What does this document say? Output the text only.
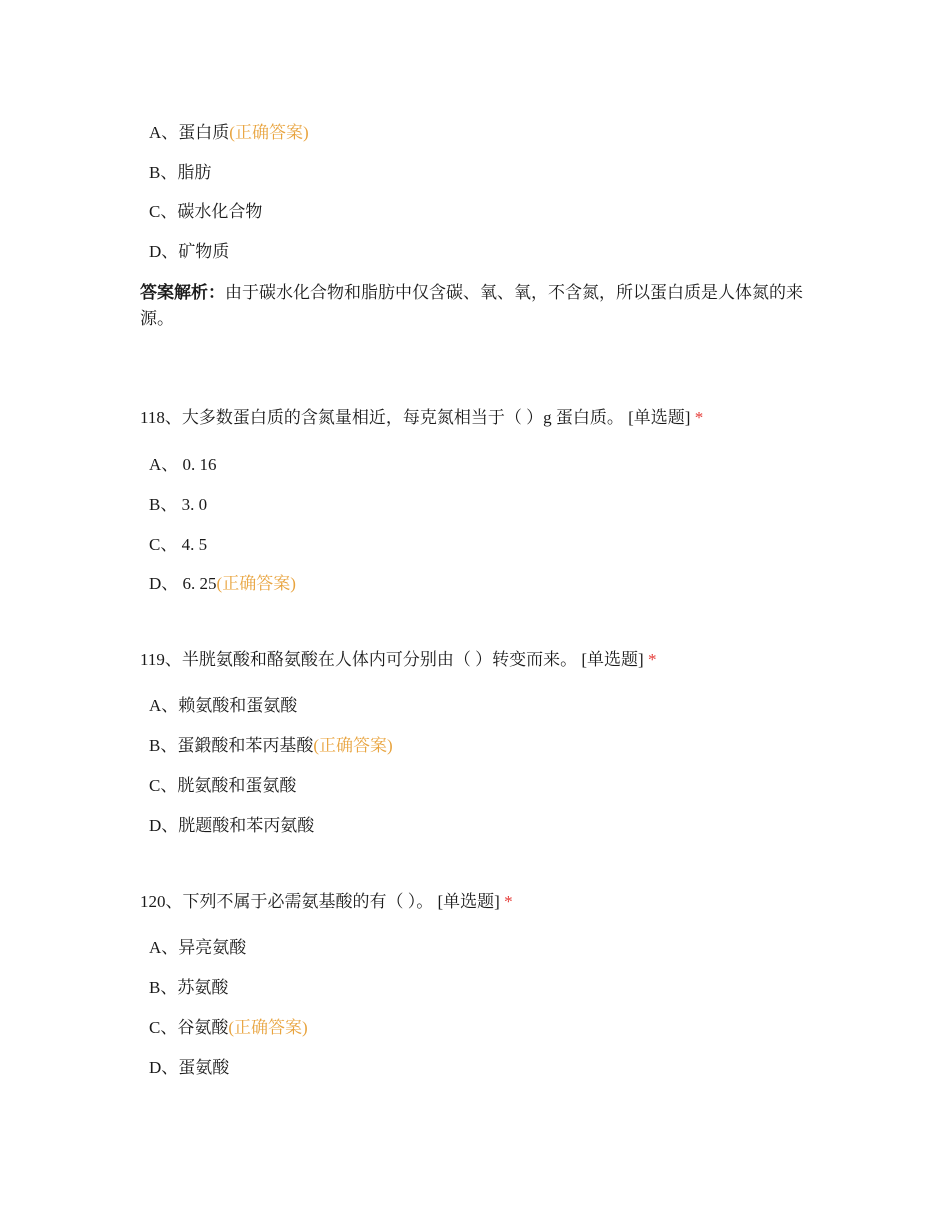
A、蛋白质(正确答案)
B、脂肪
C、碳水化合物
D、矿物质
答案解析：由于碳水化合物和脂肪中仅含碳、氧、氧，不含氮，所以蛋白质是人体氮的来源。
118、大多数蛋白质的含氮量相近，每克氮相当于（ ）g 蛋白质。 [单选题] *
A、 0. 16
B、 3. 0
C、 4. 5
D、 6. 25(正确答案)
119、半胱氨酸和酪氨酸在人体内可分别由（ ）转变而来。 [单选题] *
A、赖氨酸和蛋氨酸
B、蛋鍛酸和苯丙基酸(正确答案)
C、胱氨酸和蛋氨酸
D、胱题酸和苯丙氨酸
120、下列不属于必需氨基酸的有（ ）。 [单选题] *
A、异亮氨酸
B、苏氨酸
C、谷氨酸(正确答案)
D、蛋氨酸
